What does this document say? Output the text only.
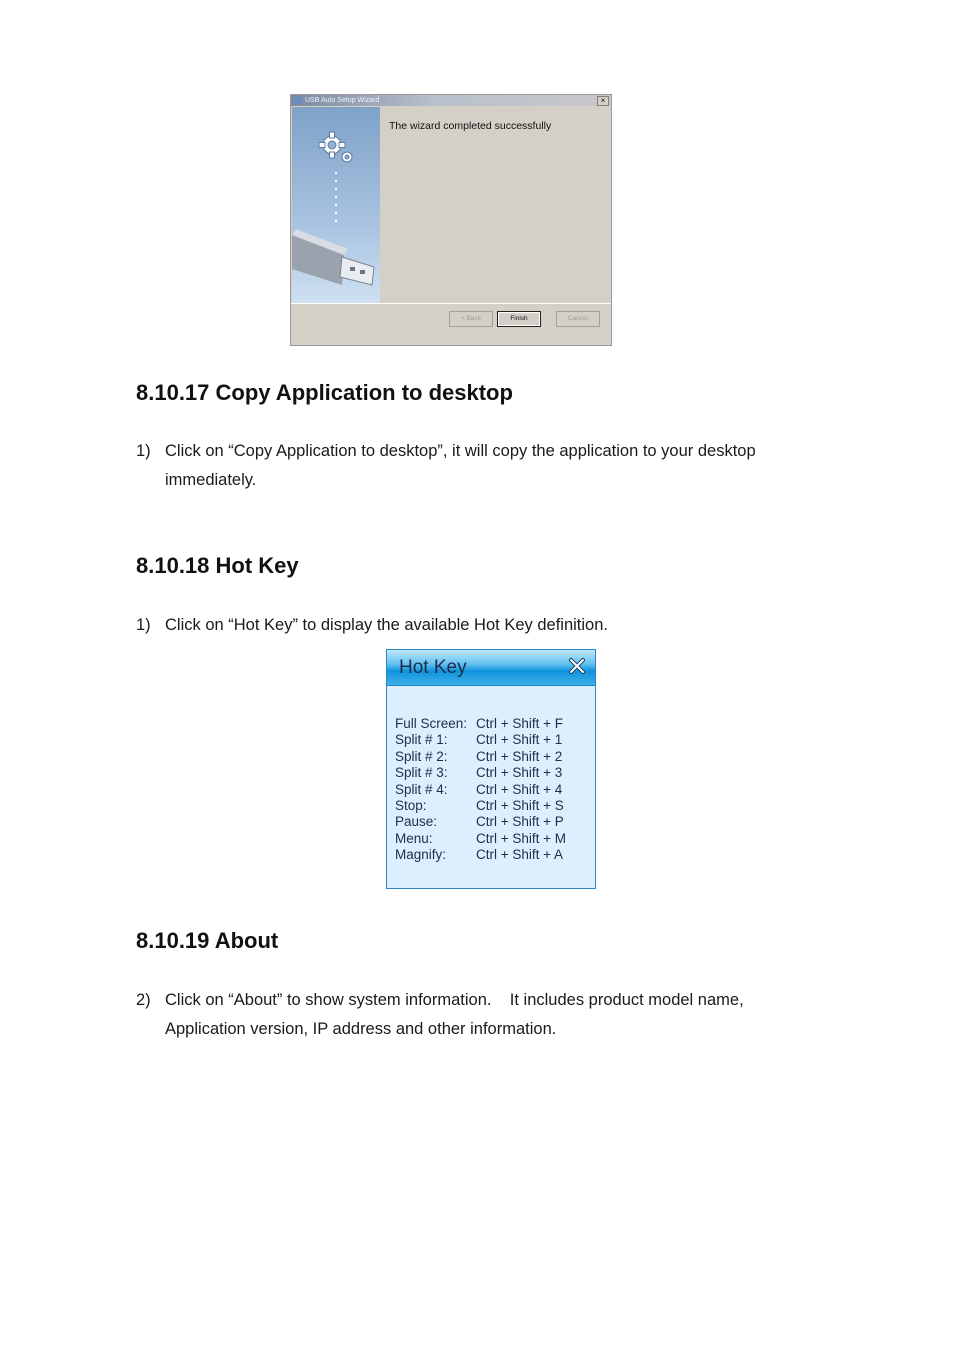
USB Auto Setup Wizard	×
The wizard completed successfully
< Back	Finish	Cancel
8.10.17 Copy Application to desktop
1) Click on “Copy Application to desktop”, it will copy the application to your desktop immediately.
8.10.18 Hot Key
1) Click on “Hot Key” to display the available Hot Key definition.
Hot Key
Full Screen: Ctrl + Shift + F
Split # 1: Ctrl + Shift + 1
Split # 2: Ctrl + Shift + 2
Split # 3: Ctrl + Shift + 3
Split # 4: Ctrl + Shift + 4
Stop:	Ctrl + Shift + S
Pause:	Ctrl + Shift + P
Menu:	Ctrl + Shift + M
Magnify: Ctrl + Shift + A
8.10.19 About
2) Click on “About” to show system information.    It includes product model name, Application version, IP address and other information.
